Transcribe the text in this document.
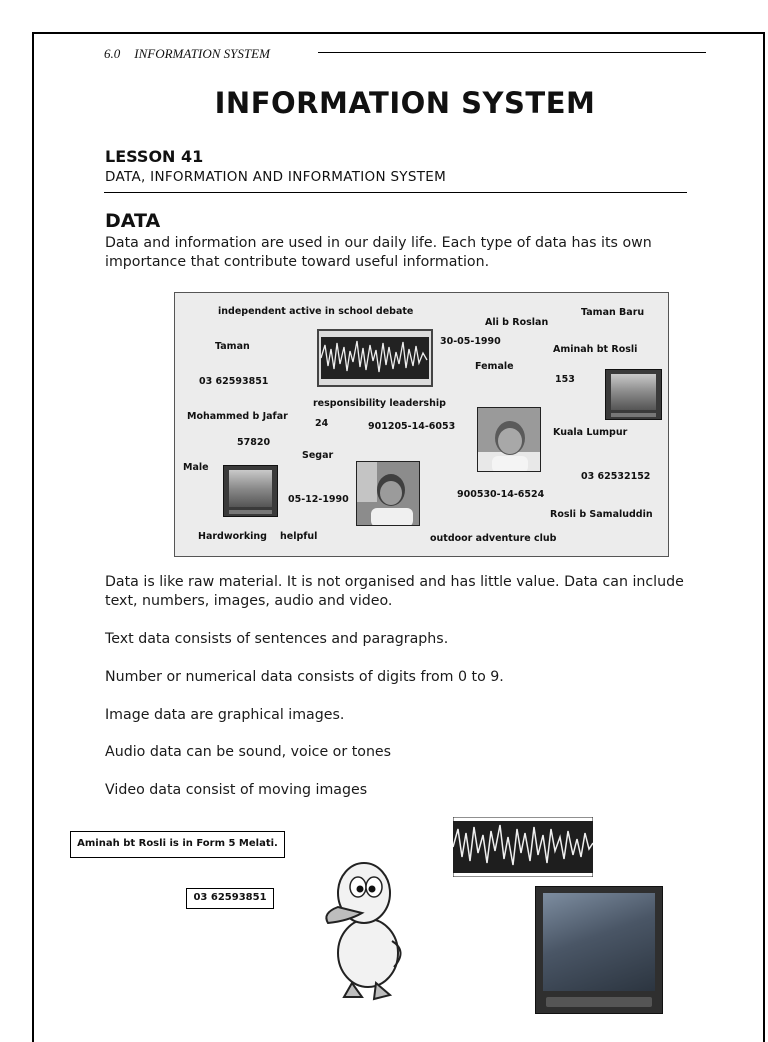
6.0 INFORMATION SYSTEM
INFORMATION SYSTEM
LESSON 41
DATA, INFORMATION AND INFORMATION SYSTEM
DATA
Data and information are used in our daily life. Each type of data has its own importance that contribute toward useful information.
independent active in school debate
Ali b Roslan
Taman Baru
Taman	30-05-1990
Aminah bt Rosli
03 62593851
Female
153
responsibility leadership
Mohammed b Jafar
24	901205-14-6053
Kuala Lumpur
57820
Segar
Male
03 62532152
05-12-1990	900530-14-6524
Rosli b Samaluddin
Hardworking helpful	outdoor adventure club
Data is like raw material. It is not organised and has little value. Data can include text, numbers, images, audio and video.
Text data consists of sentences and paragraphs.
Number or numerical data consists of digits from 0 to 9.
Image data are graphical images.
Audio data can be sound, voice or tones
Video data consist of moving images
Aminah bt Rosli is in Form 5 Melati.
03 62593851
